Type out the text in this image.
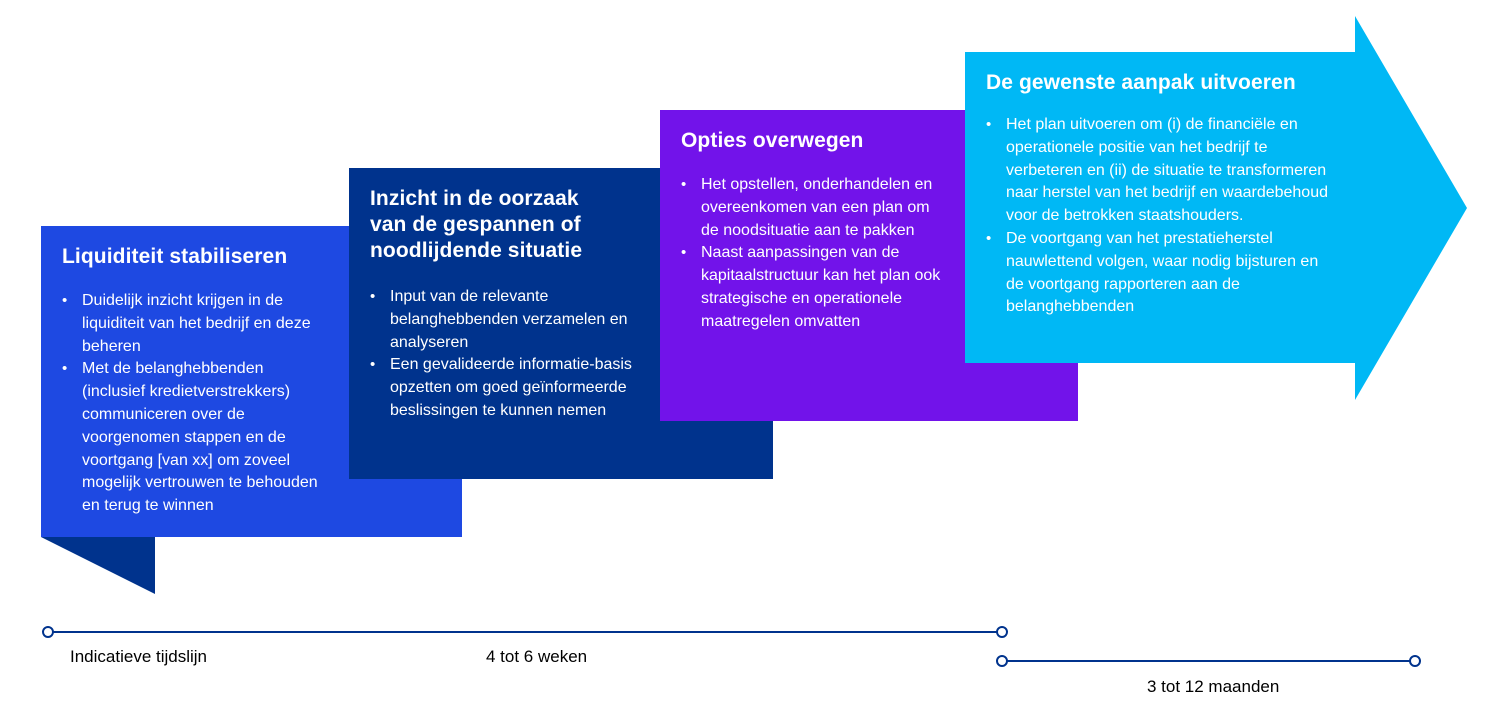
Liquiditeit stabiliseren
• Duidelijk inzicht krijgen in de liquiditeit van het bedrijf en deze beheren
• Met de belanghebbenden (inclusief kredietverstrekkers) communiceren over de voorgenomen stappen en de voortgang [van xx] om zoveel mogelijk vertrouwen te behouden en terug te winnen
Inzicht in de oorzaak van de gespannen of noodlijdende situatie
• Input van de relevante belanghebbenden verzamelen en analyseren
• Een gevalideerde informatie-basis opzetten om goed geïnformeerde beslissingen te kunnen nemen
Opties overwegen
• Het opstellen, onderhandelen en overeenkomen van een plan om de noodsituatie aan te pakken
• Naast aanpassingen van de kapitaalstructuur kan het plan ook strategische en operationele maatregelen omvatten
De gewenste aanpak uitvoeren
• Het plan uitvoeren om (i) de financiële en operationele positie van het bedrijf te verbeteren en (ii) de situatie te transformeren naar herstel van het bedrijf en waardebehoud voor de betrokken staatshouders.
• De voortgang van het prestatieherstel nauwlettend volgen, waar nodig bijsturen en de voortgang rapporteren aan de belanghebbenden
Indicatieve tijdslijn	4 tot 6 weken
3 tot 12 maanden
